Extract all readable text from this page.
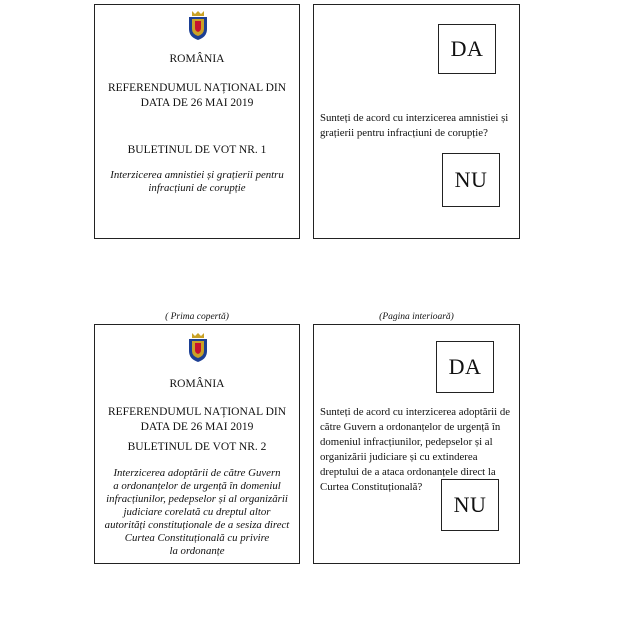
ROMÂNIA
REFERENDUMUL NAȚIONAL DIN
DATA DE 26 MAI 2019
BULETINUL DE VOT NR. 1
Interzicerea amnistiei și grațierii pentru
infracțiuni de corupție
DA
Sunteți de acord cu interzicerea amnistiei și
grațierii pentru infracțiuni de corupție?
NU
( Prima copertă)	(Pagina interioară)
ROMÂNIA
REFERENDUMUL NAȚIONAL DIN
DATA DE 26 MAI 2019
BULETINUL DE VOT NR. 2
Interzicerea adoptării de către Guvern
a ordonanțelor de urgență în domeniul
infracțiunilor, pedepselor și al organizării
judiciare corelată cu dreptul altor
autorități constituționale de a sesiza direct
Curtea Constituțională cu privire
la ordonanțe
DA
Sunteți de acord cu interzicerea adoptării de
către Guvern a ordonanțelor de urgență în
domeniul infracțiunilor, pedepselor și al
organizării judiciare și cu extinderea
dreptului de a ataca ordonanțele direct la
Curtea Constituțională?
NU
